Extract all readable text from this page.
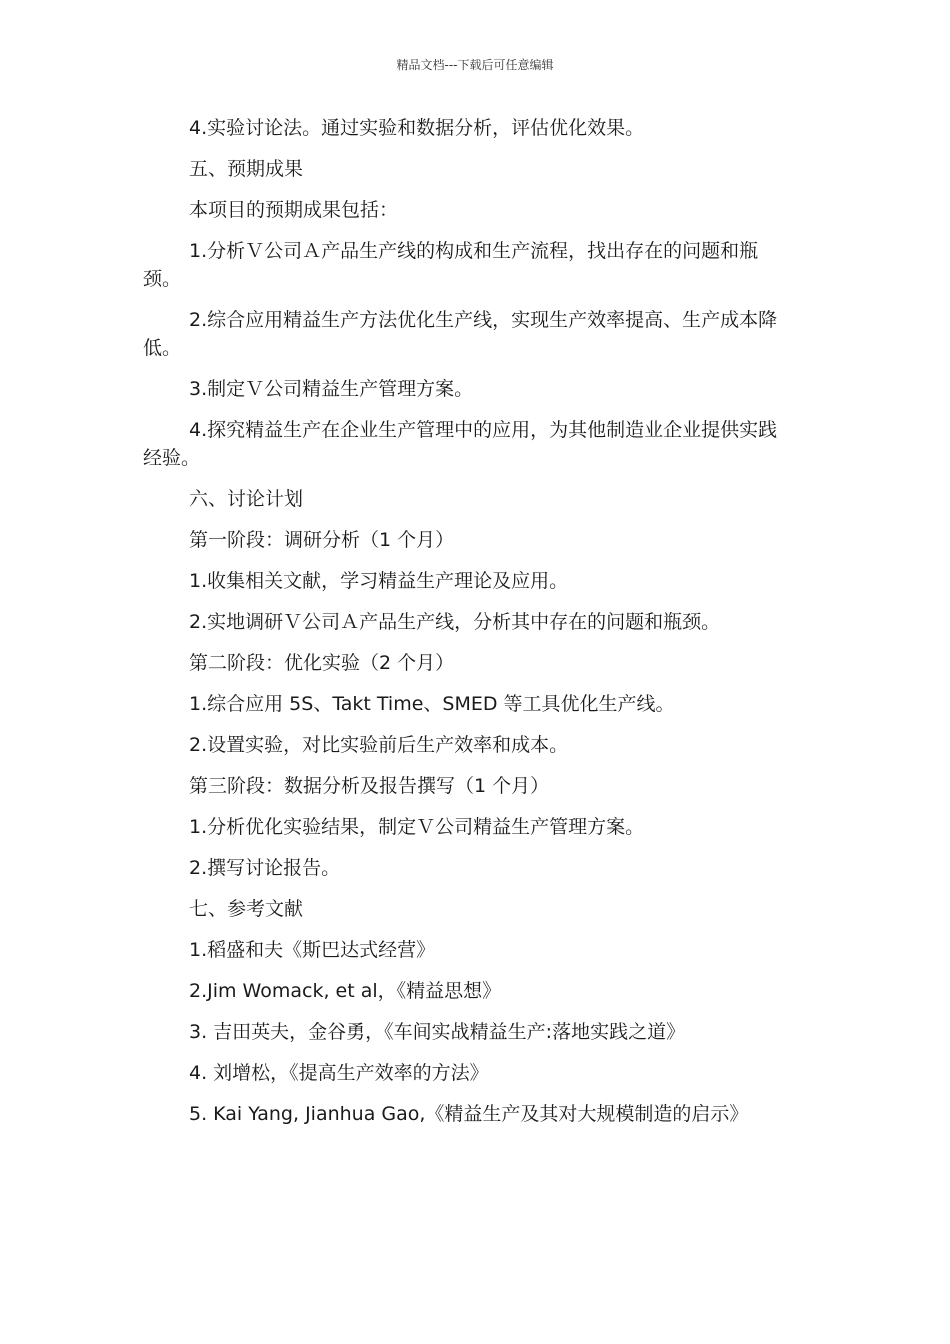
精品文档---下载后可任意编辑

4.实验讨论法。通过实验和数据分析，评估优化效果。

五、预期成果

本项目的预期成果包括：

1.分析Ｖ公司Ａ产品生产线的构成和生产流程，找出存在的问题和瓶颈。

2.综合应用精益生产方法优化生产线，实现生产效率提高、生产成本降低。

3.制定Ｖ公司精益生产管理方案。

4.探究精益生产在企业生产管理中的应用，为其他制造业企业提供实践经验。

六、讨论计划

第一阶段：调研分析（1 个月）

1.收集相关文献，学习精益生产理论及应用。

2.实地调研Ｖ公司Ａ产品生产线，分析其中存在的问题和瓶颈。

第二阶段：优化实验（2 个月）

1.综合应用 5S、Takt Time、SMED 等工具优化生产线。

2.设置实验，对比实验前后生产效率和成本。

第三阶段：数据分析及报告撰写（1 个月）

1.分析优化实验结果，制定Ｖ公司精益生产管理方案。

2.撰写讨论报告。

七、参考文献

1.稻盛和夫《斯巴达式经营》

2.Jim Womack, et al，《精益思想》

3. 吉田英夫，金谷勇，《车间实战精益生产:落地实践之道》

4. 刘增松，《提高生产效率的方法》

5. Kai Yang, Jianhua Gao,《精益生产及其对大规模制造的启示》
